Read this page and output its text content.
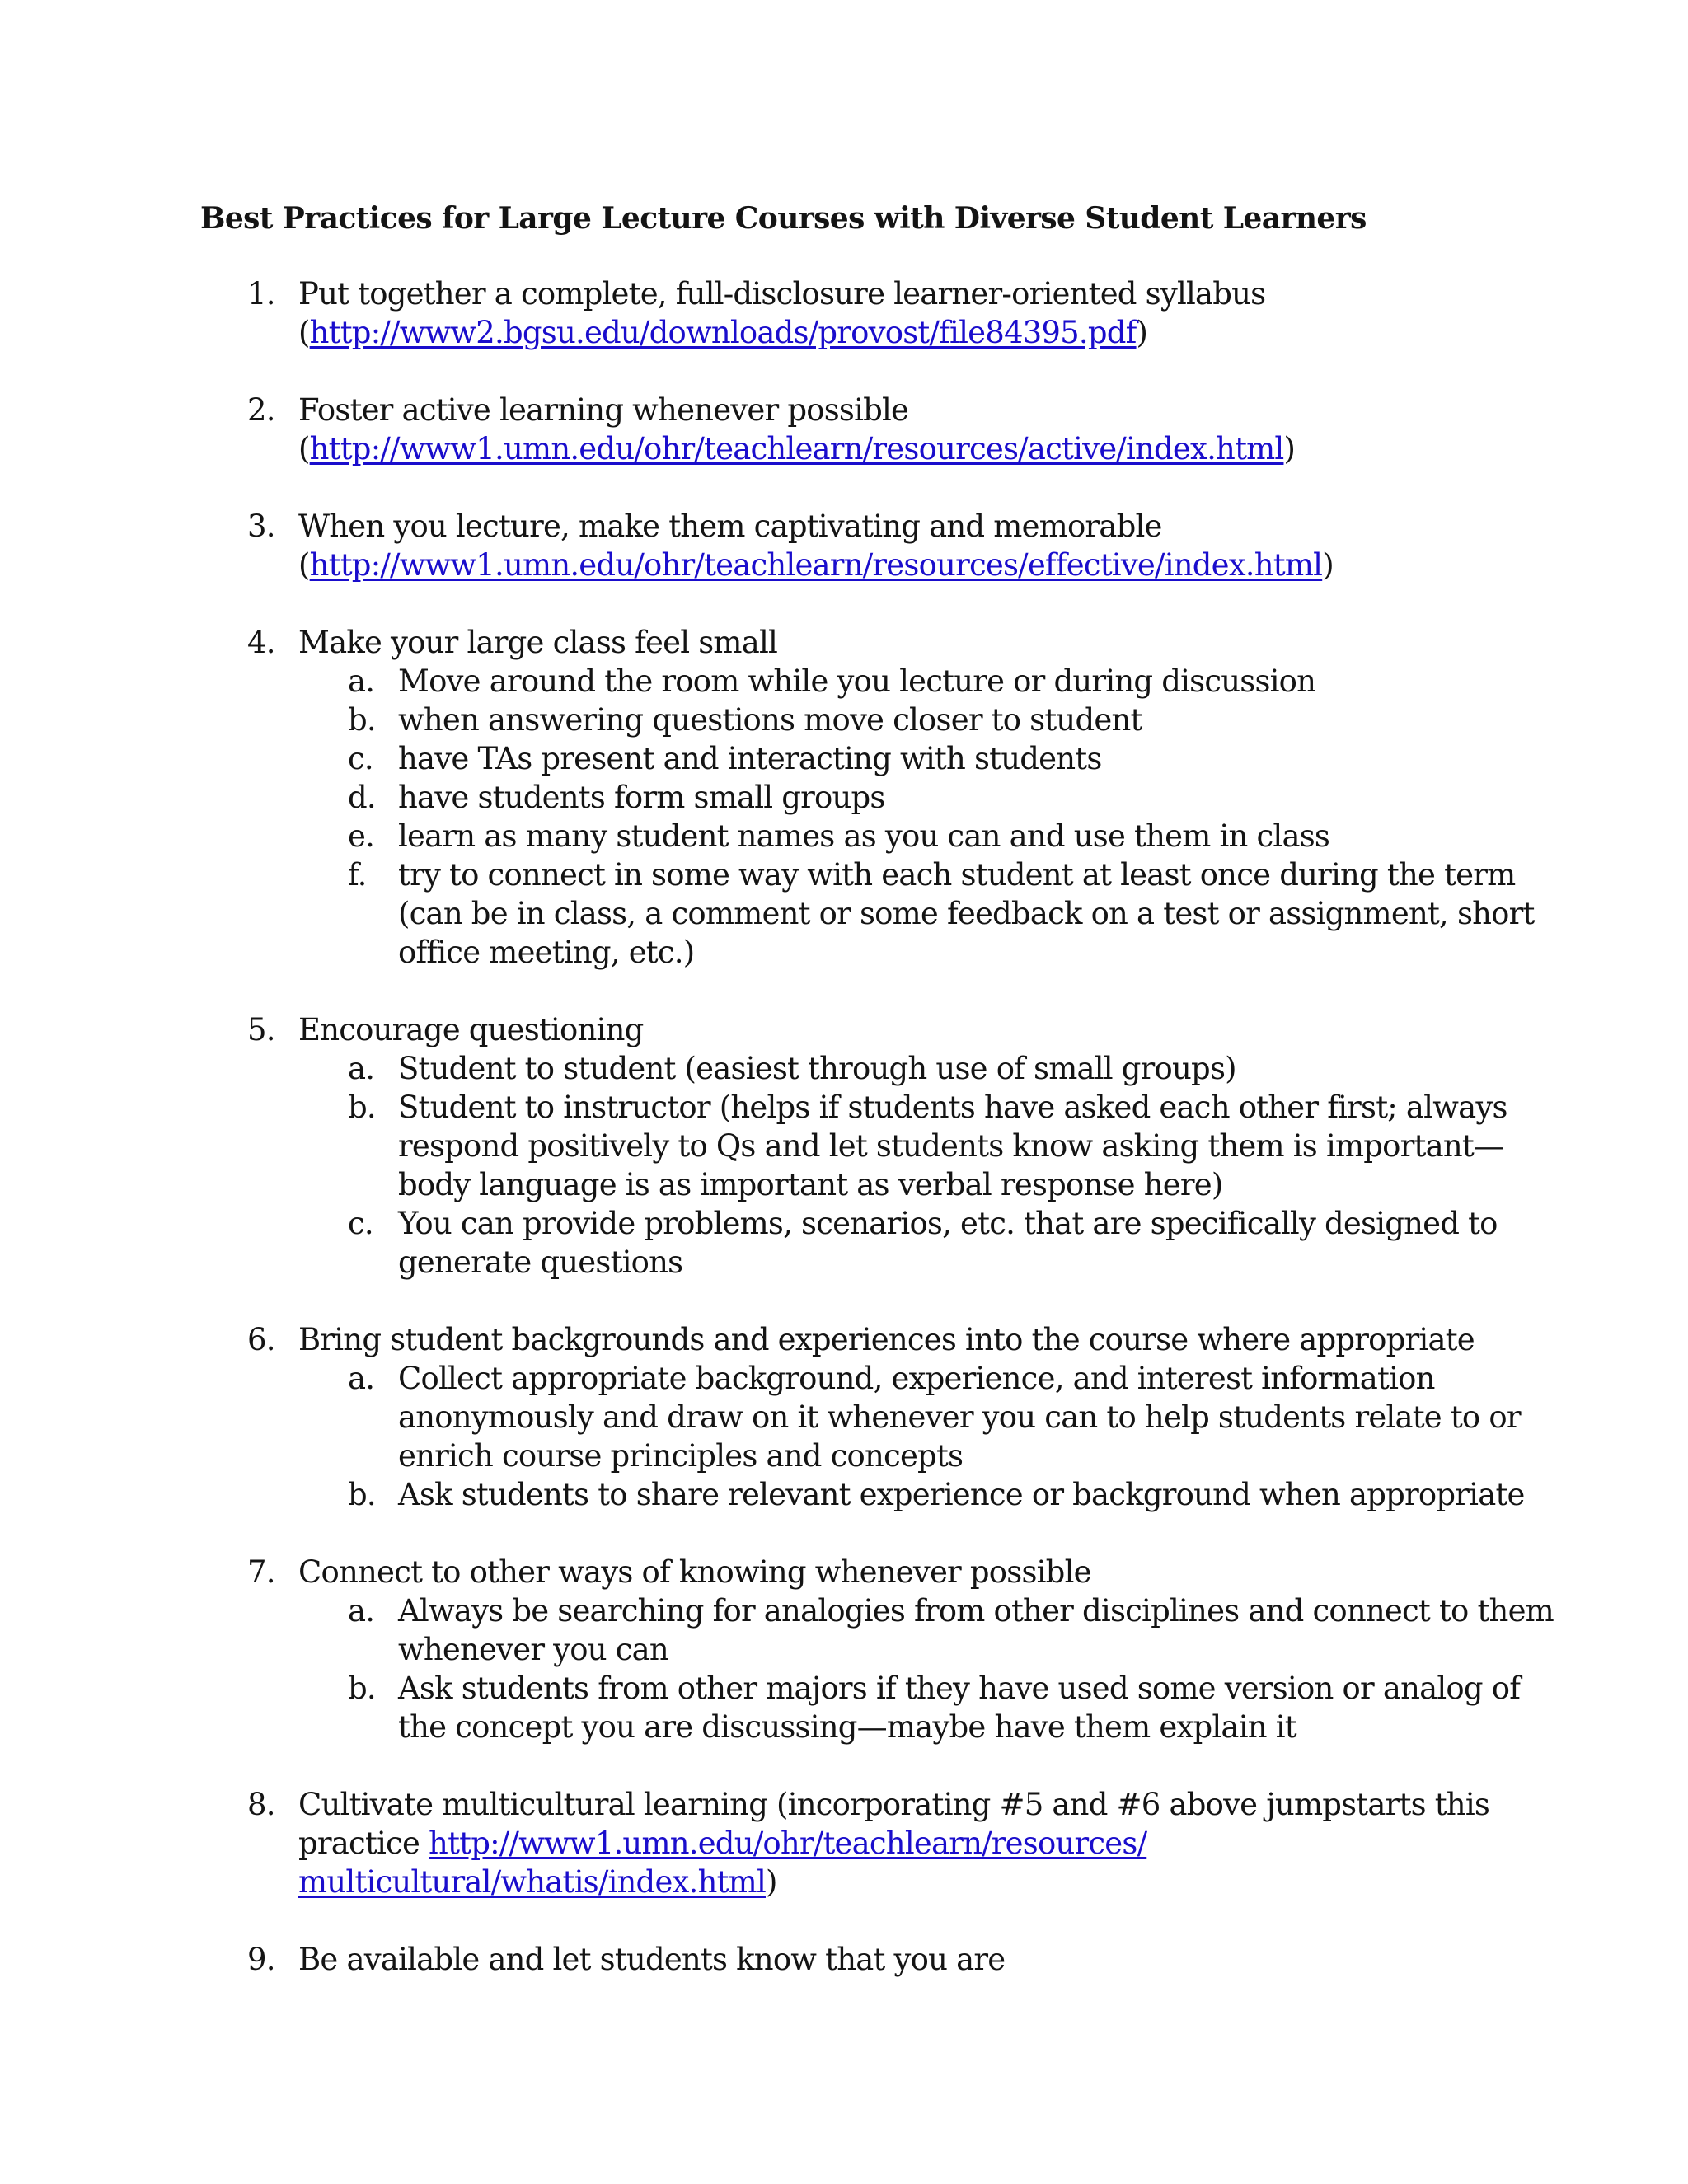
Best Practices for Large Lecture Courses with Diverse Student Learners
1. Put together a complete, full-disclosure learner-oriented syllabus
(http://www2.bgsu.edu/downloads/provost/file84395.pdf)
2. Foster active learning whenever possible
(http://www1.umn.edu/ohr/teachlearn/resources/active/index.html)
3. When you lecture, make them captivating and memorable
(http://www1.umn.edu/ohr/teachlearn/resources/effective/index.html)
4. Make your large class feel small
a. Move around the room while you lecture or during discussion
b. when answering questions move closer to student
c. have TAs present and interacting with students
d. have students form small groups
e. learn as many student names as you can and use them in class
f. try to connect in some way with each student at least once during the term
(can be in class, a comment or some feedback on a test or assignment, short
office meeting, etc.)
5. Encourage questioning
a. Student to student (easiest through use of small groups)
b. Student to instructor (helps if students have asked each other first; always
respond positively to Qs and let students know asking them is important—
body language is as important as verbal response here)
c. You can provide problems, scenarios, etc. that are specifically designed to
generate questions
6. Bring student backgrounds and experiences into the course where appropriate
a. Collect appropriate background, experience, and interest information
anonymously and draw on it whenever you can to help students relate to or
enrich course principles and concepts
b. Ask students to share relevant experience or background when appropriate
7. Connect to other ways of knowing whenever possible
a. Always be searching for analogies from other disciplines and connect to them
whenever you can
b. Ask students from other majors if they have used some version or analog of
the concept you are discussing—maybe have them explain it
8. Cultivate multicultural learning (incorporating #5 and #6 above jumpstarts this
practice http://www1.umn.edu/ohr/teachlearn/resources/
multicultural/whatis/index.html)
9. Be available and let students know that you are
